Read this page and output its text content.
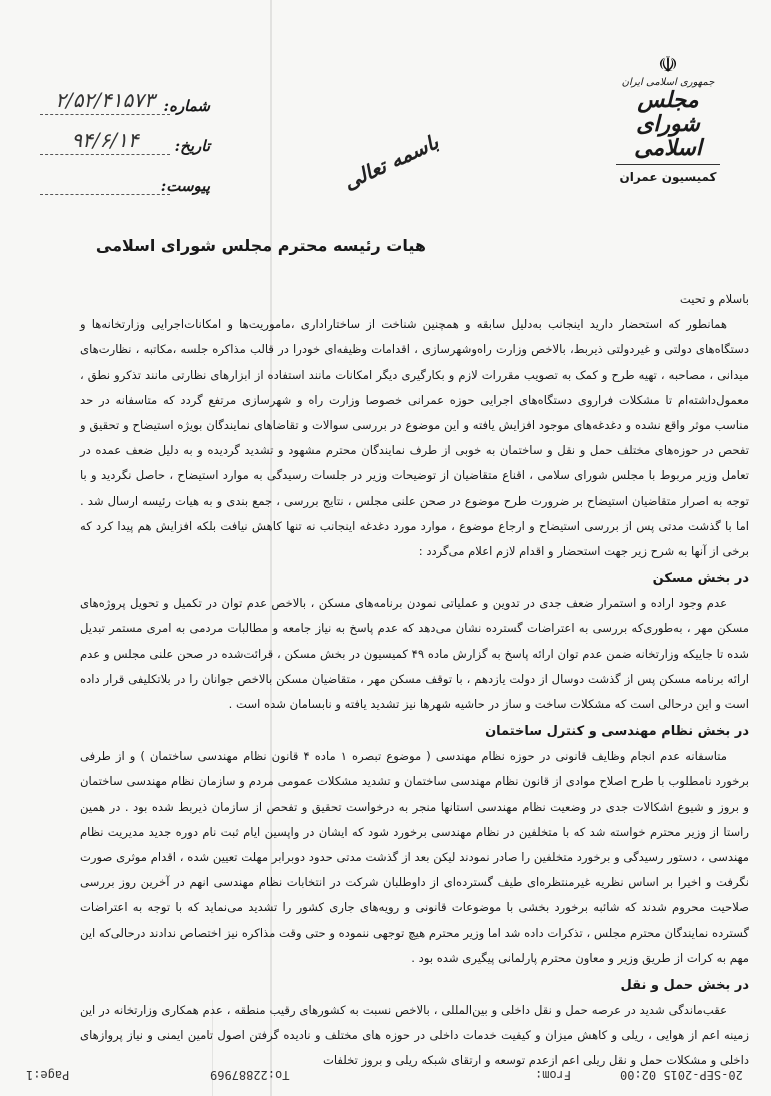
شماره:
۲/۵۲/۴۱۵۷۳
تاریخ:
۹۴/۶/۱۴
پیوست:	باسمه تعالی
☫
جمهوری اسلامی ایران
مجلس شورای اسلامی
کمیسیون عمران
هیات رئیسه محترم مجلس شورای اسلامی

باسلام و تحیت

همانطور که استحضار دارید اینجانب به‌دلیل سابقه و همچنین شناخت از ساختاراداری ،ماموریت‌ها و امکانات‌اجرایی وزارتخانه‌ها و دستگاه‌های دولتی و غیردولتی ذیربط، بالاخص وزارت راه‌وشهرسازی ، اقدامات وظیفه‌ای خودرا در قالب مذاکره جلسه ،مکاتبه ، نظارت‌های میدانی ، مصاحبه ، تهیه طرح و کمک به تصویب مقررات لازم و بکارگیری دیگر امکانات مانند استفاده از ابزارهای نظارتی مانند تذکرو نطق ، معمول‌داشته‌ام تا مشکلات فراروی دستگاه‌های اجرایی حوزه عمرانی خصوصا وزارت راه و شهرسازی مرتفع گردد که متاسفانه در حد مناسب موثر واقع نشده و دغدغه‌های موجود افزایش یافته و این موضوع در بررسی سوالات و تقاضاهای نمایندگان بویژه استیضاح و تحقیق و تفحص در حوزه‌های مختلف حمل و نقل و ساختمان به خوبی از طرف نمایندگان محترم مشهود و تشدید گردیده و به دلیل ضعف عمده در تعامل وزیر مربوط با مجلس شورای سلامی ، اقناع متقاضیان از توضیحات وزیر در جلسات رسیدگی به موارد استیضاح ، حاصل نگردید و با توجه به اصرار متقاضیان استیضاح بر ضرورت طرح موضوع در صحن علنی مجلس ، نتایج بررسی ، جمع بندی و به هیات رئیسه ارسال شد . اما با گذشت مدتی پس از بررسی استیضاح و ارجاع موضوع ، موارد مورد دغدغه اینجانب نه تنها کاهش نیافت بلکه افزایش هم پیدا کرد که برخی از آنها به شرح زیر جهت استحضار و اقدام لازم اعلام می‌گردد :

در بخش مسکن

عدم وجود اراده و استمرار ضعف جدی در تدوین و عملیاتی نمودن برنامه‌های مسکن ، بالاخص عدم توان در تکمیل و تحویل پروژه‌های مسکن مهر ، به‌طوری‌که بررسی به اعتراضات گسترده نشان می‌دهد که عدم پاسخ به نیاز جامعه و مطالبات مردمی به امری مستمر تبدیل شده تا جاییکه وزارتخانه ضمن عدم توان ارائه پاسخ به گزارش ماده ۴۹ کمیسیون در بخش مسکن ، قرائت‌شده در صحن علنی مجلس و عدم ارائه برنامه مسکن پس از گذشت دوسال از دولت یازدهم ، با توقف مسکن مهر ، متقاضیان مسکن بالاخص جوانان را در بلاتکلیفی قرار داده است و این درحالی است که مشکلات ساخت و ساز در حاشیه شهرها نیز تشدید یافته و نابسامان شده است .

در بخش نظام مهندسی و کنترل ساختمان

متاسفانه عدم انجام وظایف قانونی در حوزه نظام مهندسی ( موضوع تبصره ۱ ماده ۴ قانون نظام مهندسی ساختمان ) و از طرفی برخورد نامطلوب با طرح اصلاح موادی از قانون نظام مهندسی ساختمان و تشدید مشکلات عمومی مردم و سازمان نظام مهندسی ساختمان و بروز و شیوع اشکالات جدی در وضعیت نظام مهندسی استانها منجر به درخواست تحقیق و تفحص از سازمان ذیربط شده بود . در همین راستا از وزیر محترم خواسته شد که با متخلفین در نظام مهندسی برخورد شود که ایشان در واپسین ایام ثبت نام دوره جدید مدیریت نظام مهندسی ، دستور رسیدگی و برخورد متخلفین را صادر نمودند لیکن بعد از گذشت مدتی حدود دوبرابر مهلت تعیین شده ، اقدام موثری صورت نگرفت و اخیرا بر اساس نظریه غیرمنتظره‌ای طیف گسترده‌ای از داوطلبان شرکت در انتخابات نظام مهندسی انهم در آخرین روز بررسی صلاحیت محروم شدند که شائبه برخورد بخشی با موضوعات قانونی و رویه‌های جاری کشور را تشدید می‌نماید که با توجه به اعتراضات گسترده نمایندگان محترم مجلس ، تذکرات داده شد اما وزیر محترم هیچ توجهی ننموده و حتی وقت مذاکره نیز اختصاص ندادند درحالی‌که این مهم به کرات از طریق وزیر و معاون محترم پارلمانی پیگیری شده بود .

در بخش حمل و نقل

عقب‌ماندگی شدید در عرصه حمل و نقل داخلی و بین‌المللی ، بالاخص نسبت به کشورهای رقیب منطقه ، عدم همکاری وزارتخانه در این زمینه اعم از هوایی ، ریلی و کاهش میزان و کیفیت خدمات داخلی در حوزه های مختلف و نادیده گرفتن اصول تامین ایمنی و نیاز پروازهای داخلی و مشکلات حمل و نقل ریلی اعم ازعدم توسعه و ارتقای شبکه ریلی و بروز تخلفات

Page:1	To:22887969	From:	20-SEP-2015 02:00
